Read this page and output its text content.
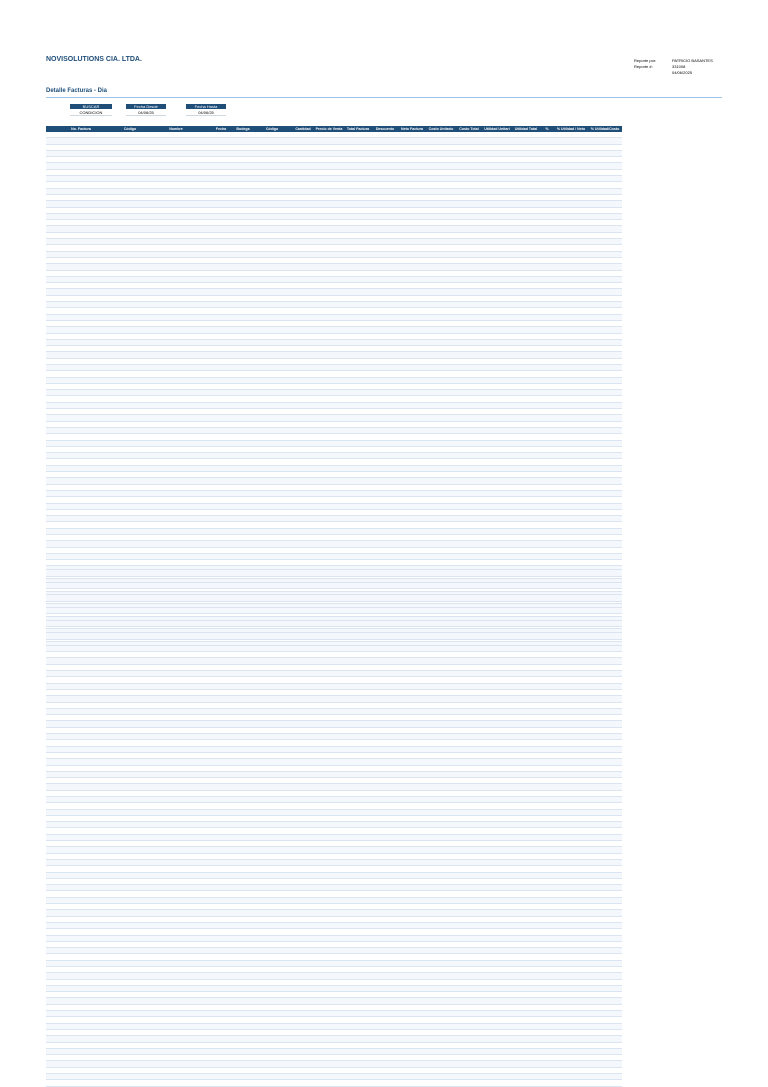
NOVISOLUTIONS CIA. LTDA.	Reporte por:	PATRICIO BASANTES
Reporte #:	331008
04/06/2025
Detalle Facturas - Dia
BUSCAR	Fecha Desde	Fecha Hasta
CONDICION	04/06/25	04/06/25
No. Factura	Código	Nombre	Fecha	Bodega	Código	Cantidad	Precio de Venta	Total Factura	Descuento	Neto Factura	Costo Unitario	Costo Total	Utilidad Unitari	Utilidad Total	%	% Utilidad / Neto	% Utilidad/Costo
